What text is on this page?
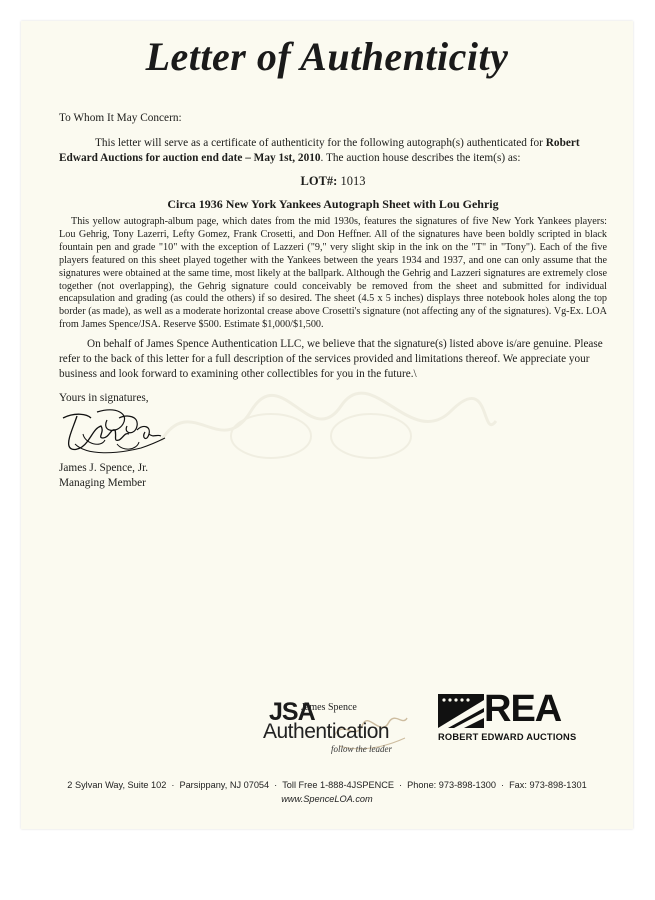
Letter of Authenticity
To Whom It May Concern:
This letter will serve as a certificate of authenticity for the following autograph(s) authenticated for Robert Edward Auctions for auction end date – May 1st, 2010. The auction house describes the item(s) as:
LOT#: 1013
Circa 1936 New York Yankees Autograph Sheet with Lou Gehrig
This yellow autograph-album page, which dates from the mid 1930s, features the signatures of five New York Yankees players: Lou Gehrig, Tony Lazerri, Lefty Gomez, Frank Crosetti, and Don Heffner. All of the signatures have been boldly scripted in black fountain pen and grade "10" with the exception of Lazzeri ("9," very slight skip in the ink on the "T" in "Tony"). Each of the five players featured on this sheet played together with the Yankees between the years 1934 and 1937, and one can only assume that the signatures were obtained at the same time, most likely at the ballpark. Although the Gehrig and Lazzeri signatures are extremely close together (not overlapping), the Gehrig signature could conceivably be removed from the sheet and submitted for individual encapsulation and grading (as could the others) if so desired. The sheet (4.5 x 5 inches) displays three notebook holes along the top border (as made), as well as a moderate horizontal crease above Crosetti's signature (not affecting any of the signatures). Vg-Ex. LOA from James Spence/JSA. Reserve $500. Estimate $1,000/$1,500.
On behalf of James Spence Authentication LLC, we believe that the signature(s) listed above is/are genuine. Please refer to the back of this letter for a full description of the services provided and limitations thereof. We appreciate your business and look forward to examining other collectibles for you in the future.\
Yours in signatures,
James J. Spence, Jr.
Managing Member
JSA
James Spence
Authentication
follow the leader
REA
ROBERT EDWARD AUCTIONS
2 Sylvan Way, Suite 102 · Parsippany, NJ 07054 · Toll Free 1-888-4JSPENCE · Phone: 973-898-1300 · Fax: 973-898-1301
www.SpenceLOA.com
